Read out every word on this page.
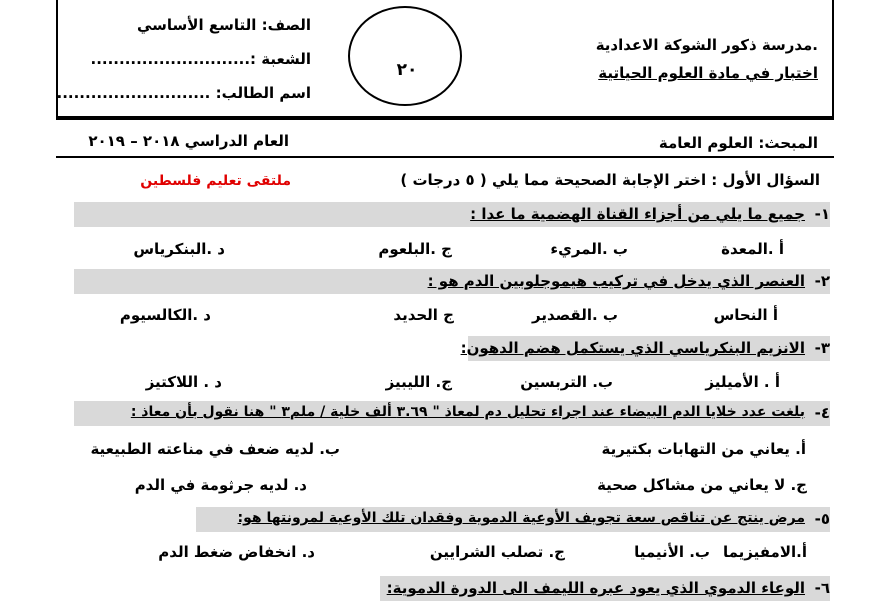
.مدرسة ذكور الشوكة الاعدادية
اختبار في مادة العلوم الحياتية
٢٠
الصف: التاسع الأساسي
الشعبة :............................
اسم الطالب: ...........................
المبحث: العلوم العامة
العام الدراسي ٢٠١٨ – ٢٠١٩
السؤال الأول : اختر الإجابة الصحيحة مما يلي ( ٥ درجات )
ملتقى تعليم فلسطين
١-
جميع ما يلي من أجزاء القناة الهضمية ما عدا :
أ .المعدة
ب .المريء
ج .البلعوم
د .البنكرياس
٢-
العنصر الذي يدخل في تركيب هيموجلوبين الدم هو :
أ النحاس
ب .القصدير
ج الحديد
د .الكالسيوم
٣-
الانزيم البنكرياسي الذي يستكمل هضم الدهون:
أ . الأميليز
ب. التربسين
ج. الليبيز
د . اللاكتيز
٤-
بلغت عدد خلايا الدم البيضاء عند اجراء تحليل دم لمعاذ " ٣.٦٩ ألف خلية / ملم٣ " هنا نقول بأن معاذ :
أ. يعاني من التهابات بكتيرية
ب. لديه ضعف في مناعته الطبيعية
ج. لا يعاني من مشاكل صحية
د. لديه جرثومة في الدم
٥-
مرض ينتج عن تناقص سعة تجويف الأوعية الدموية وفقدان تلك الأوعية لمرونتها هو:
أ.الامفيزيما
ب. الأنيميا
ج. تصلب الشرايين
د. انخفاض ضغط الدم
٦-
الوعاء الدموي الذي يعود عبره الليمف الى الدورة الدموية:
